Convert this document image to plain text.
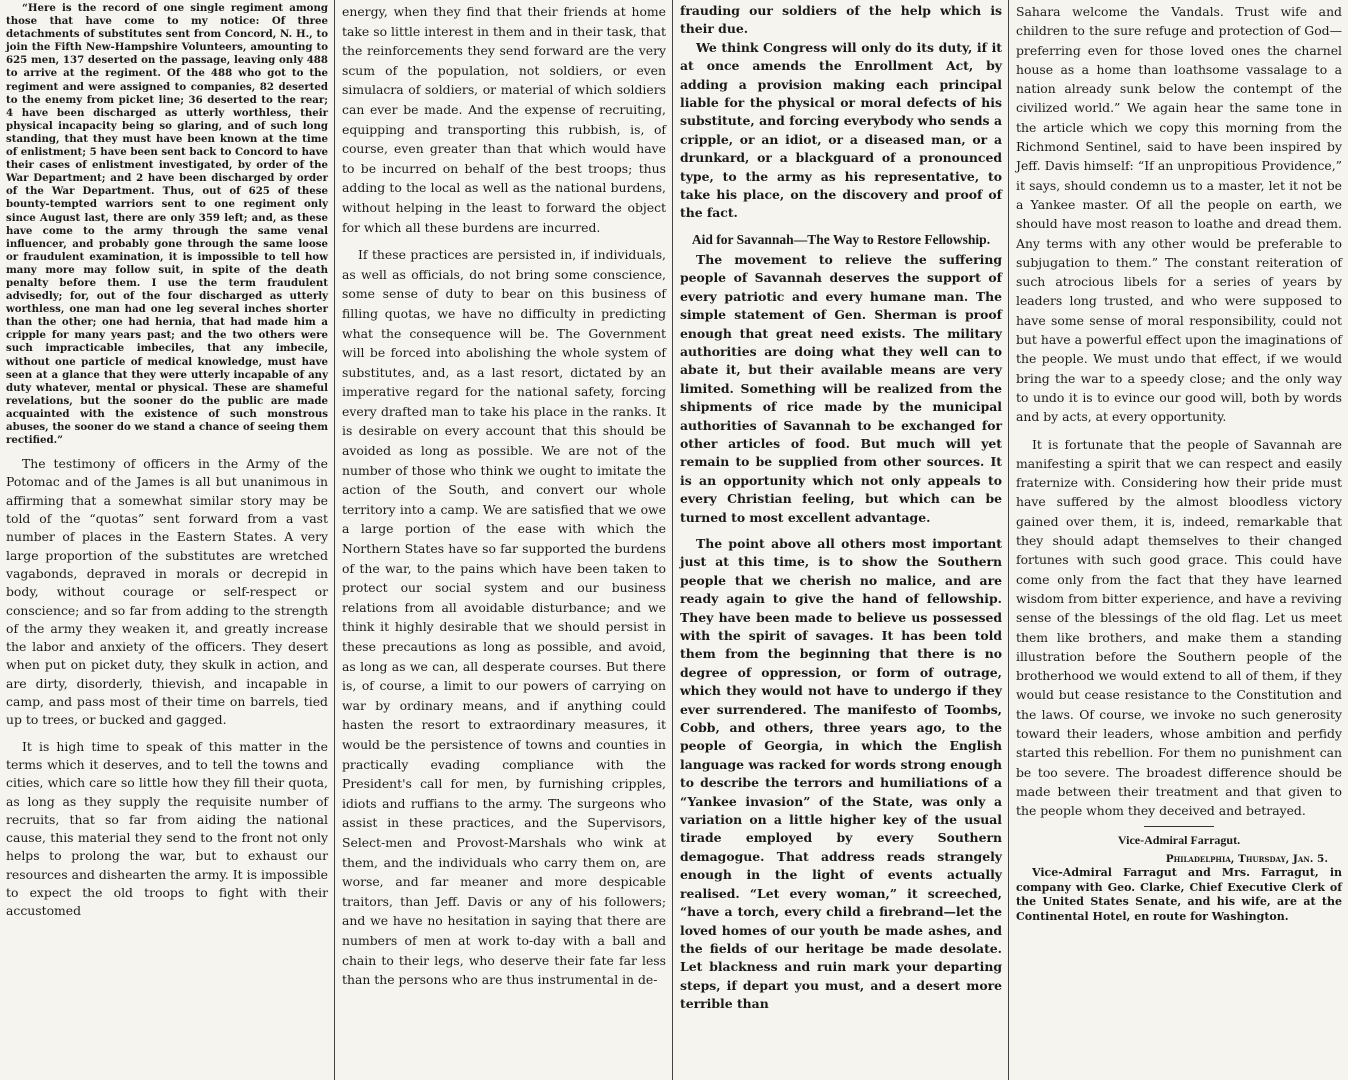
“Here is the record of one single regiment among those that have come to my notice: Of three detachments of substitutes sent from Concord, N. H., to join the Fifth New-Hampshire Volunteers, amounting to 625 men, 137 deserted on the passage, leaving only 488 to arrive at the regiment. Of the 488 who got to the regiment and were assigned to companies, 82 deserted to the enemy from picket line; 36 deserted to the rear; 4 have been discharged as utterly worthless, their physical incapacity being so glaring, and of such long standing, that they must have been known at the time of enlistment; 5 have been sent back to Concord to have their cases of enlistment investigated, by order of the War Department; and 2 have been discharged by order of the War Department. Thus, out of 625 of these bounty-tempted warriors sent to one regiment only since August last, there are only 359 left; and, as these have come to the army through the same venal influencer, and probably gone through the same loose or fraudulent examination, it is impossible to tell how many more may follow suit, in spite of the death penalty before them. I use the term fraudulent advisedly; for, out of the four discharged as utterly worthless, one man had one leg several inches shorter than the other; one had hernia, that had made him a cripple for many years past; and the two others were such impracticable imbeciles, that any imbecile, without one particle of medical knowledge, must have seen at a glance that they were utterly incapable of any duty whatever, mental or physical. These are shameful revelations, but the sooner do the public are made acquainted with the existence of such monstrous abuses, the sooner do we stand a chance of seeing them rectified.”

The testimony of officers in the Army of the Potomac and of the James is all but unanimous in affirming that a somewhat similar story may be told of the “quotas” sent forward from a vast number of places in the Eastern States. A very large proportion of the substitutes are wretched vagabonds, depraved in morals or decrepid in body, without courage or self-respect or conscience; and so far from adding to the strength of the army they weaken it, and greatly increase the labor and anxiety of the officers. They desert when put on picket duty, they skulk in action, and are dirty, disorderly, thievish, and incapable in camp, and pass most of their time on barrels, tied up to trees, or bucked and gagged.

It is high time to speak of this matter in the terms which it deserves, and to tell the towns and cities, which care so little how they fill their quota, as long as they supply the requisite number of recruits, that so far from aiding the national cause, this material they send to the front not only helps to prolong the war, but to exhaust our resources and dishearten the army. It is impossible to expect the old troops to fight with their accustomed

energy, when they find that their friends at home take so little interest in them and in their task, that the reinforcements they send forward are the very scum of the population, not soldiers, or even simulacra of soldiers, or material of which soldiers can ever be made. And the expense of recruiting, equipping and transporting this rubbish, is, of course, even greater than that which would have to be incurred on behalf of the best troops; thus adding to the local as well as the national burdens, without helping in the least to forward the object for which all these burdens are incurred.

If these practices are persisted in, if individuals, as well as officials, do not bring some conscience, some sense of duty to bear on this business of filling quotas, we have no difficulty in predicting what the consequence will be. The Government will be forced into abolishing the whole system of substitutes, and, as a last resort, dictated by an imperative regard for the national safety, forcing every drafted man to take his place in the ranks. It is desirable on every account that this should be avoided as long as possible. We are not of the number of those who think we ought to imitate the action of the South, and convert our whole territory into a camp. We are satisfied that we owe a large portion of the ease with which the Northern States have so far supported the burdens of the war, to the pains which have been taken to protect our social system and our business relations from all avoidable disturbance; and we think it highly desirable that we should persist in these precautions as long as possible, and avoid, as long as we can, all desperate courses. But there is, of course, a limit to our powers of carrying on war by ordinary means, and if anything could hasten the resort to extraordinary measures, it would be the persistence of towns and counties in practically evading compliance with the President's call for men, by furnishing cripples, idiots and ruffians to the army. The surgeons who assist in these practices, and the Supervisors, Select-men and Provost-Marshals who wink at them, and the individuals who carry them on, are worse, and far meaner and more despicable traitors, than Jeff. Davis or any of his followers; and we have no hesitation in saying that there are numbers of men at work to-day with a ball and chain to their legs, who deserve their fate far less than the persons who are thus instrumental in de-

frauding our soldiers of the help which is their due.

We think Congress will only do its duty, if it at once amends the Enrollment Act, by adding a provision making each principal liable for the physical or moral defects of his substitute, and forcing everybody who sends a cripple, or an idiot, or a diseased man, or a drunkard, or a blackguard of a pronounced type, to the army as his representative, to take his place, on the discovery and proof of the fact.

Aid for Savannah—The Way to Restore Fellowship.

The movement to relieve the suffering people of Savannah deserves the support of every patriotic and every humane man. The simple statement of Gen. Sherman is proof enough that great need exists. The military authorities are doing what they well can to abate it, but their available means are very limited. Something will be realized from the shipments of rice made by the municipal authorities of Savannah to be exchanged for other articles of food. But much will yet remain to be supplied from other sources. It is an opportunity which not only appeals to every Christian feeling, but which can be turned to most excellent advantage.

The point above all others most important just at this time, is to show the Southern people that we cherish no malice, and are ready again to give the hand of fellowship. They have been made to believe us possessed with the spirit of savages. It has been told them from the beginning that there is no degree of oppression, or form of outrage, which they would not have to undergo if they ever surrendered. The manifesto of Toombs, Cobb, and others, three years ago, to the people of Georgia, in which the English language was racked for words strong enough to describe the terrors and humiliations of a “Yankee invasion” of the State, was only a variation on a little higher key of the usual tirade employed by every Southern demagogue. That address reads strangely enough in the light of events actually realised. “Let every woman,” it screeched, “have a torch, every child a firebrand—let the loved homes of our youth be made ashes, and the fields of our heritage be made desolate. Let blackness and ruin mark your departing steps, if depart you must, and a desert more terrible than

Sahara welcome the Vandals. Trust wife and children to the sure refuge and protection of God—preferring even for those loved ones the charnel house as a home than loathsome vassalage to a nation already sunk below the contempt of the civilized world.” We again hear the same tone in the article which we copy this morning from the Richmond Sentinel, said to have been inspired by Jeff. Davis himself: “If an unpropitious Providence,” it says, should condemn us to a master, let it not be a Yankee master. Of all the people on earth, we should have most reason to loathe and dread them. Any terms with any other would be preferable to subjugation to them.” The constant reiteration of such atrocious libels for a series of years by leaders long trusted, and who were supposed to have some sense of moral responsibility, could not but have a powerful effect upon the imaginations of the people. We must undo that effect, if we would bring the war to a speedy close; and the only way to undo it is to evince our good will, both by words and by acts, at every opportunity.

It is fortunate that the people of Savannah are manifesting a spirit that we can respect and easily fraternize with. Considering how their pride must have suffered by the almost bloodless victory gained over them, it is, indeed, remarkable that they should adapt themselves to their changed fortunes with such good grace. This could have come only from the fact that they have learned wisdom from bitter experience, and have a reviving sense of the blessings of the old flag. Let us meet them like brothers, and make them a standing illustration before the Southern people of the brotherhood we would extend to all of them, if they would but cease resistance to the Constitution and the laws. Of course, we invoke no such generosity toward their leaders, whose ambition and perfidy started this rebellion. For them no punishment can be too severe. The broadest difference should be made between their treatment and that given to the people whom they deceived and betrayed.

Vice-Admiral Farragut.
Philadelphia, Thursday, Jan. 5.

Vice-Admiral Farragut and Mrs. Farragut, in company with Geo. Clarke, Chief Executive Clerk of the United States Senate, and his wife, are at the Continental Hotel, en route for Washington.
